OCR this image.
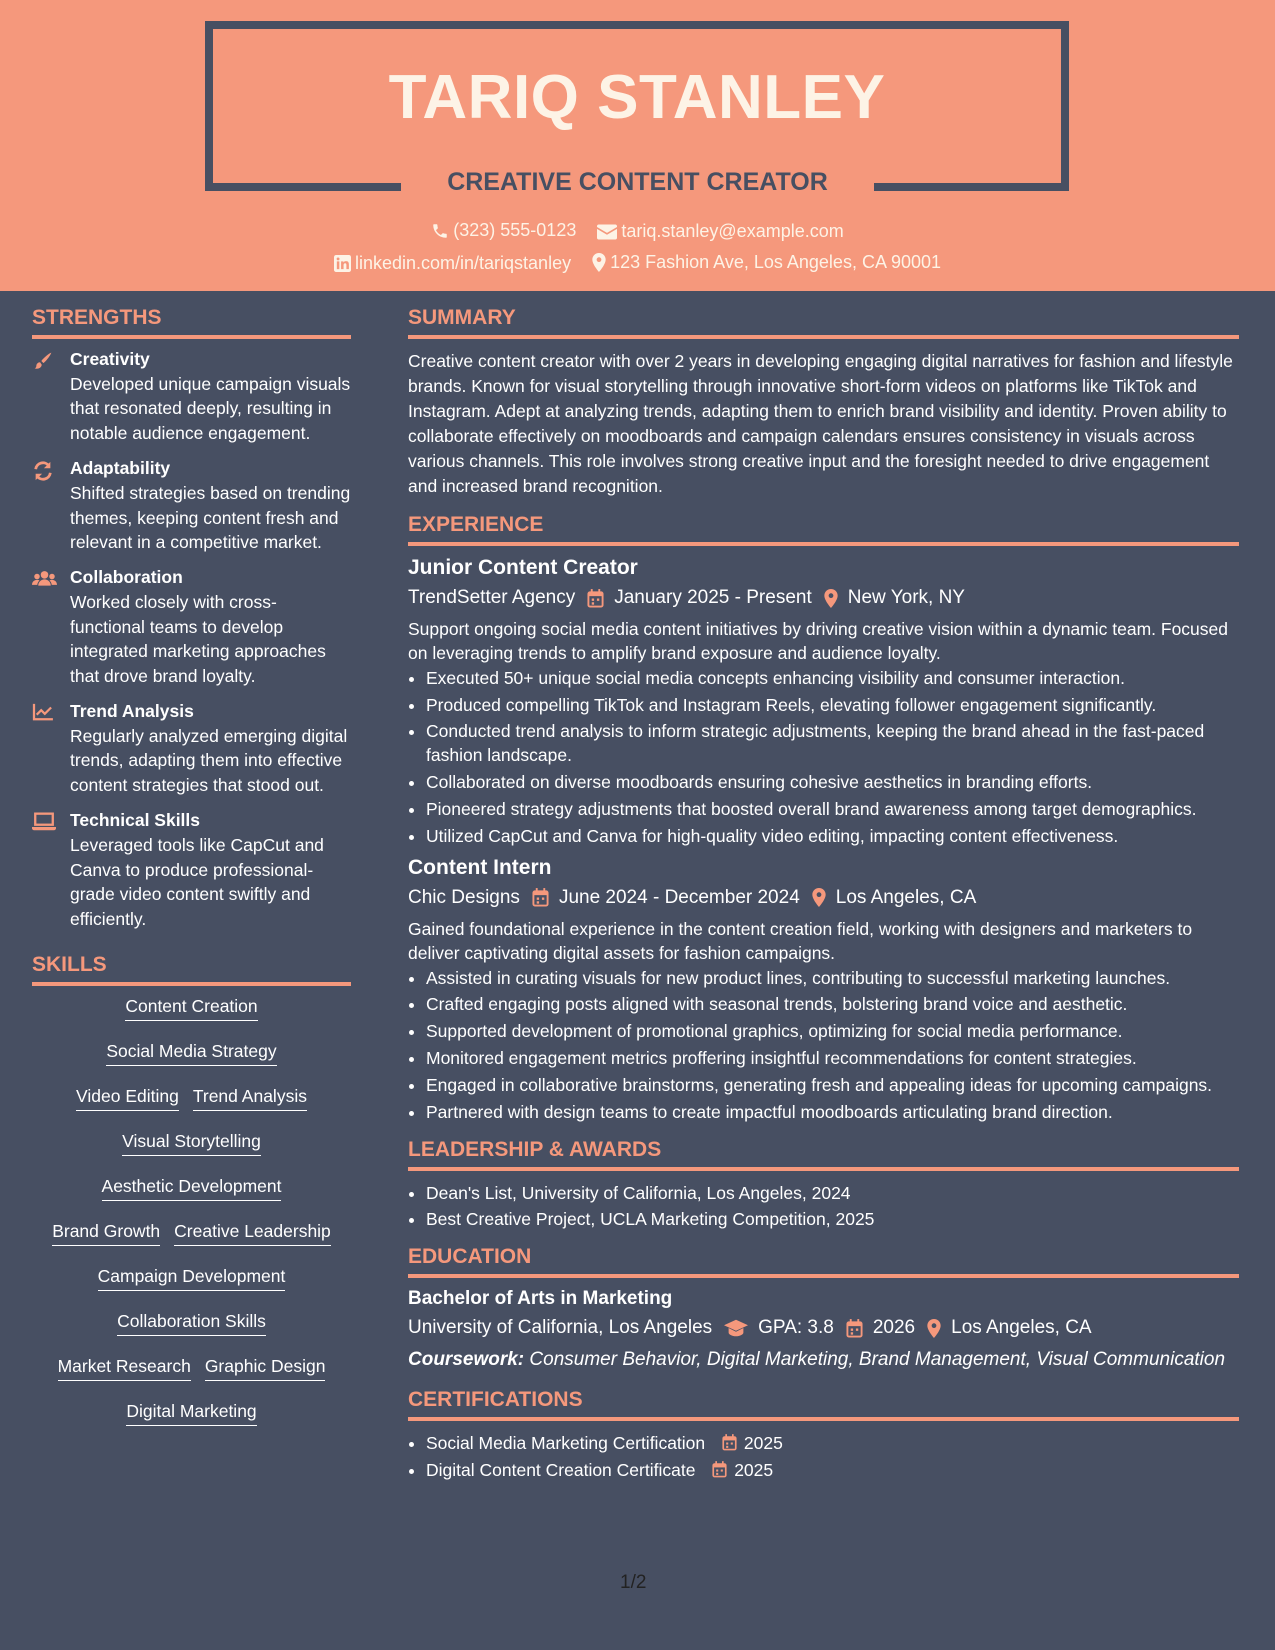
TARIQ STANLEY
CREATIVE CONTENT CREATOR
(323) 555-0123
	tariq.stanley@example.com
linkedin.com/in/tariqstanley
123 Fashion Ave, Los Angeles, CA 90001
STRENGTHS
Creativity
Developed unique campaign visuals that resonated deeply, resulting in notable audience engagement.
Adaptability
Shifted strategies based on trending themes, keeping content fresh and relevant in a competitive market.
Collaboration
Worked closely with cross-functional teams to develop integrated marketing approaches that drove brand loyalty.
Trend Analysis
Regularly analyzed emerging digital trends, adapting them into effective content strategies that stood out.
Technical Skills
Leveraged tools like CapCut and Canva to produce professional-grade video content swiftly and efficiently.
SKILLS
Content Creation
Social Media Strategy
Video Editing Trend Analysis
Visual Storytelling
Aesthetic Development
Brand Growth Creative Leadership
Campaign Development
Collaboration Skills
Market Research Graphic Design
Digital Marketing
SUMMARY
Creative content creator with over 2 years in developing engaging digital narratives for fashion and lifestyle brands. Known for visual storytelling through innovative short-form videos on platforms like TikTok and Instagram. Adept at analyzing trends, adapting them to enrich brand visibility and identity. Proven ability to collaborate effectively on moodboards and campaign calendars ensures consistency in visuals across various channels. This role involves strong creative input and the foresight needed to drive engagement and increased brand recognition.
EXPERIENCE
Junior Content Creator
TrendSetter Agency January 2025 - Present New York, NY
Support ongoing social media content initiatives by driving creative vision within a dynamic team. Focused on leveraging trends to amplify brand exposure and audience loyalty.
• Executed 50+ unique social media concepts enhancing visibility and consumer interaction.
• Produced compelling TikTok and Instagram Reels, elevating follower engagement significantly.
• Conducted trend analysis to inform strategic adjustments, keeping the brand ahead in the fast-paced fashion landscape.
• Collaborated on diverse moodboards ensuring cohesive aesthetics in branding efforts.
• Pioneered strategy adjustments that boosted overall brand awareness among target demographics.
• Utilized CapCut and Canva for high-quality video editing, impacting content effectiveness.
Content Intern
Chic Designs June 2024 - December 2024 Los Angeles, CA
Gained foundational experience in the content creation field, working with designers and marketers to deliver captivating digital assets for fashion campaigns.
• Assisted in curating visuals for new product lines, contributing to successful marketing launches.
• Crafted engaging posts aligned with seasonal trends, bolstering brand voice and aesthetic.
• Supported development of promotional graphics, optimizing for social media performance.
• Monitored engagement metrics proffering insightful recommendations for content strategies.
• Engaged in collaborative brainstorms, generating fresh and appealing ideas for upcoming campaigns.
• Partnered with design teams to create impactful moodboards articulating brand direction.
LEADERSHIP & AWARDS
• Dean's List, University of California, Los Angeles, 2024
• Best Creative Project, UCLA Marketing Competition, 2025
EDUCATION
Bachelor of Arts in Marketing
University of California, Los Angeles GPA: 3.8 2026 Los Angeles, CA
Coursework: Consumer Behavior, Digital Marketing, Brand Management, Visual Communication
CERTIFICATIONS
• Social Media Marketing Certification 2025
• Digital Content Creation Certificate 2025
1/2
